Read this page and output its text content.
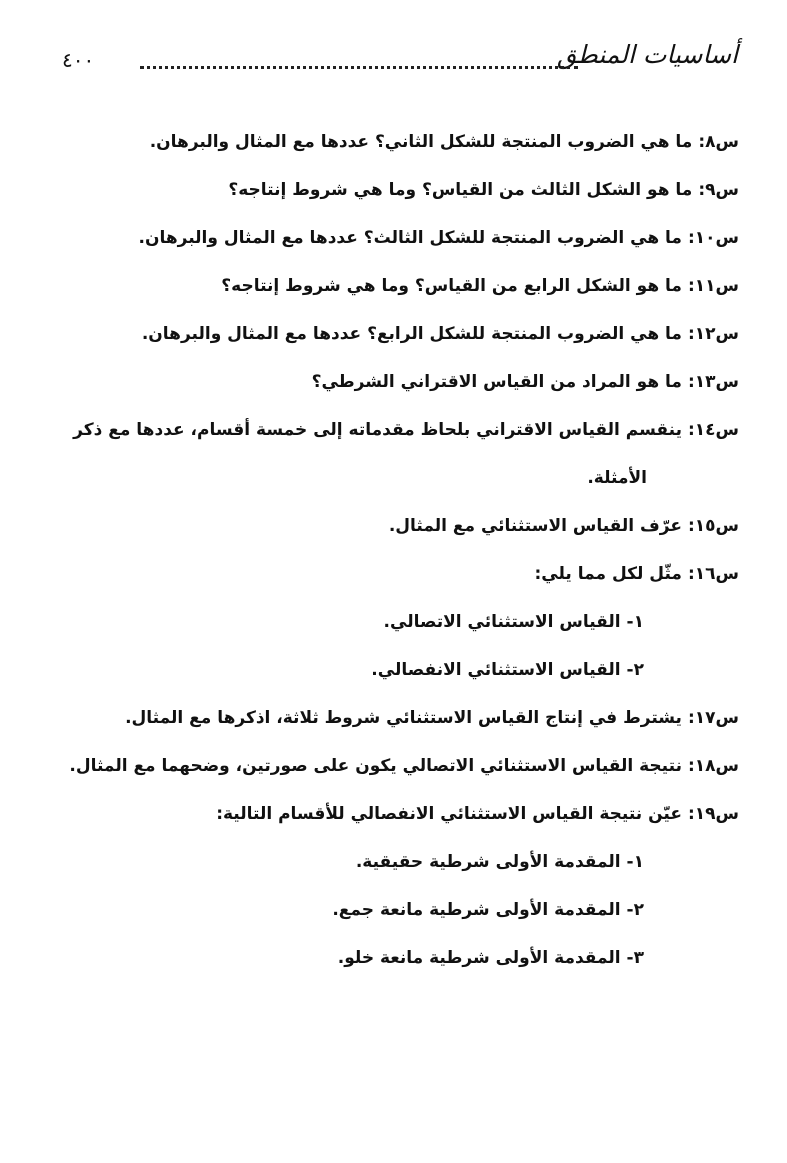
أساسيات المنطق
٤٠٠
س٨:ما هي الضروب المنتجة للشكل الثاني؟ عددها مع المثال والبرهان.
س٩:ما هو الشكل الثالث من القياس؟ وما هي شروط إنتاجه؟
س١٠:ما هي الضروب المنتجة للشكل الثالث؟ عددها مع المثال والبرهان.
س١١:ما هو الشكل الرابع من القياس؟ وما هي شروط إنتاجه؟
س١٢:ما هي الضروب المنتجة للشكل الرابع؟ عددها مع المثال والبرهان.
س١٣:ما هو المراد من القياس الاقتراني الشرطي؟
س١٤:ينقسم القياس الاقتراني بلحاظ مقدماته إلى خمسة أقسام، عددها مع ذكر
الأمثلة.
س١٥:عرّف القياس الاستثنائي مع المثال.
س١٦:مثّل لكل مما يلي:
١- القياس الاستثنائي الاتصالي.
٢- القياس الاستثنائي الانفصالي.
س١٧:يشترط في إنتاج القياس الاستثنائي شروط ثلاثة، اذكرها مع المثال.
س١٨:نتيجة القياس الاستثنائي الاتصالي يكون على صورتين، وضحهما مع المثال.
س١٩:عيّن نتيجة القياس الاستثنائي الانفصالي للأقسام التالية:
١- المقدمة الأولى شرطية حقيقية.
٢- المقدمة الأولى شرطية مانعة جمع.
٣- المقدمة الأولى شرطية مانعة خلو.
